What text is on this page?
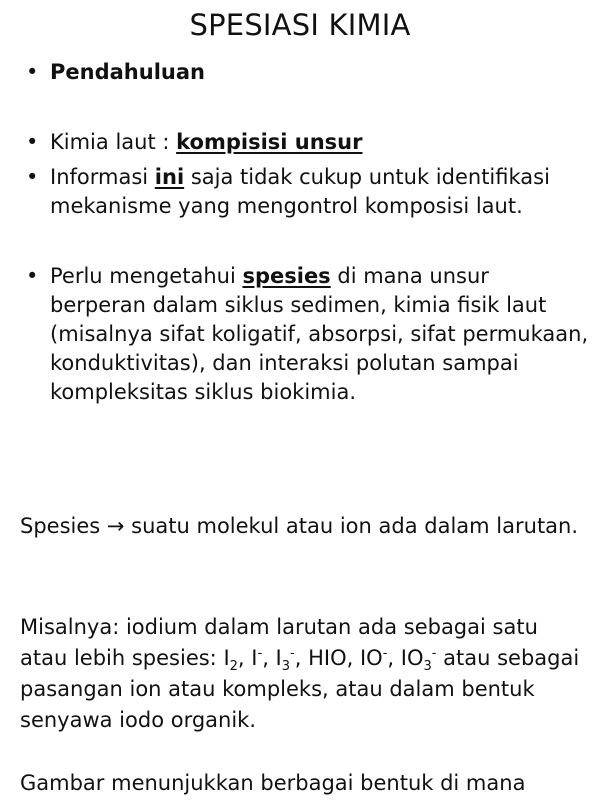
SPESIASI KIMIA
• Pendahuluan
• Kimia laut : kompisisi unsur
• Informasi ini saja tidak cukup untuk identifikasi mekanisme yang mengontrol komposisi laut.
• Perlu mengetahui spesies di mana unsur berperan dalam siklus sedimen, kimia fisik laut (misalnya sifat koligatif, absorpsi, sifat permukaan, konduktivitas), dan interaksi polutan sampai kompleksitas siklus biokimia.
Spesies → suatu molekul atau ion ada dalam larutan.
Misalnya: iodium dalam larutan ada sebagai satu atau lebih spesies: $I_2$, I-, $I_3^-$, HIO, IO-, $IO_3^-$ atau sebagai pasangan ion atau kompleks, atau dalam bentuk senyawa iodo organik.
Gambar menunjukkan berbagai bentuk di mana
